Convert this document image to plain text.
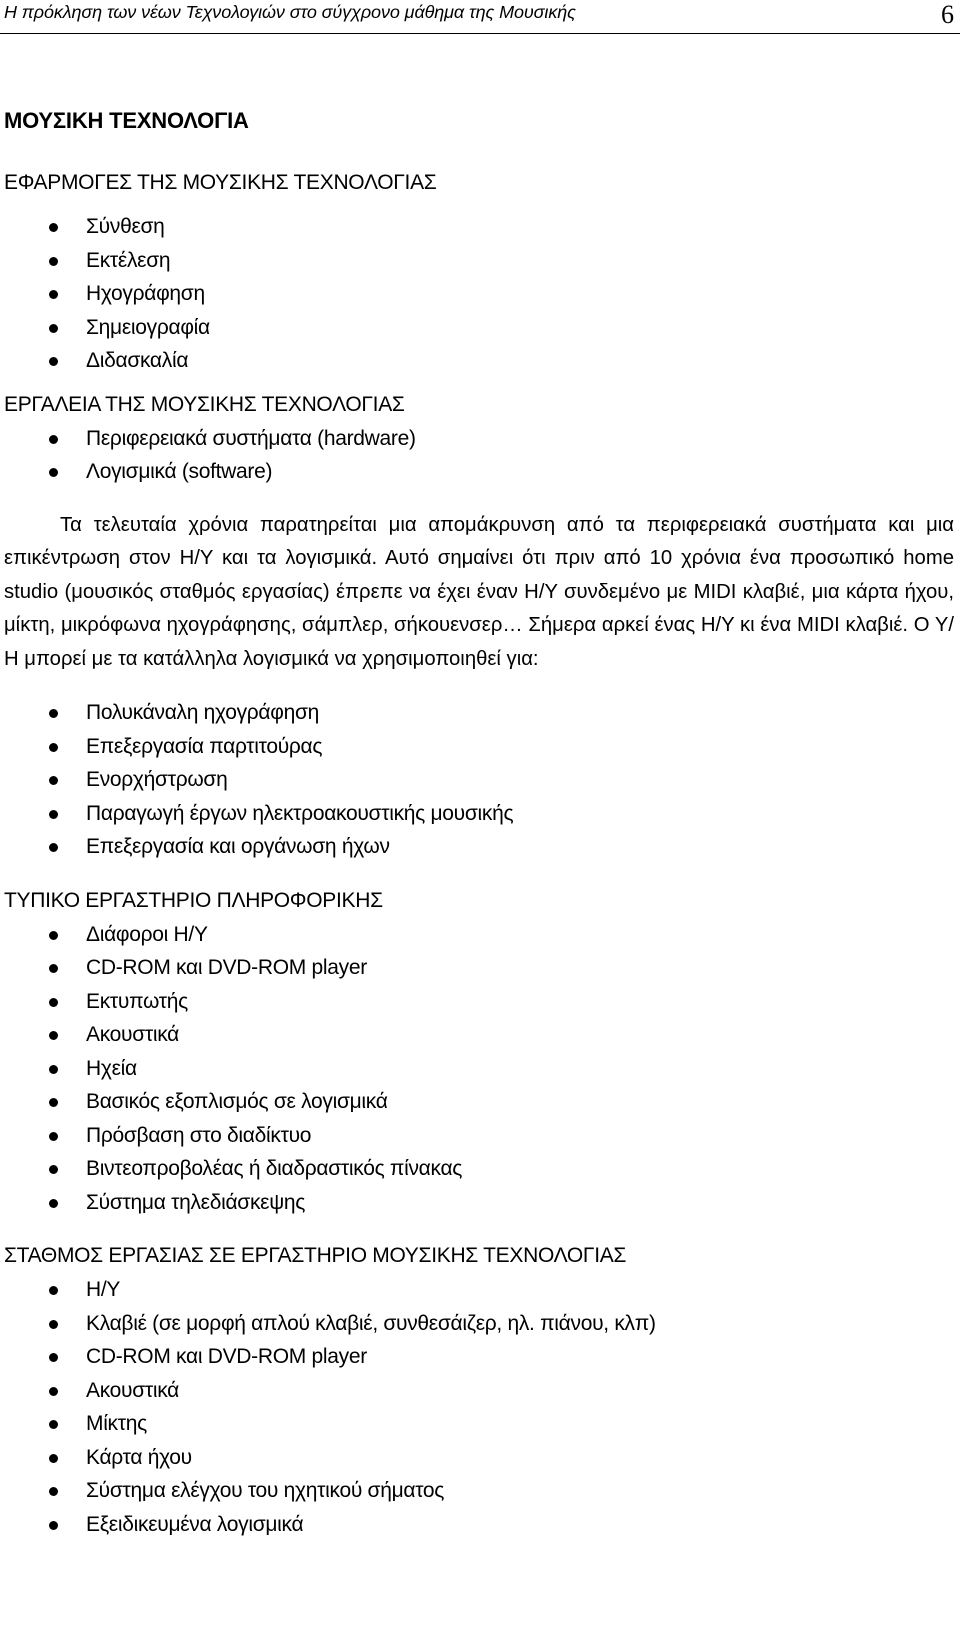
Η πρόκληση των νέων Τεχνολογιών στο σύγχρονο μάθημα της Μουσικής	6
ΜΟΥΣΙΚΗ ΤΕΧΝΟΛΟΓΙΑ
ΕΦΑΡΜΟΓΕΣ ΤΗΣ ΜΟΥΣΙΚΗΣ ΤΕΧΝΟΛΟΓΙΑΣ
Σύνθεση
Εκτέλεση
Ηχογράφηση
Σημειογραφία
Διδασκαλία
ΕΡΓΑΛΕΙΑ ΤΗΣ ΜΟΥΣΙΚΗΣ ΤΕΧΝΟΛΟΓΙΑΣ
Περιφερειακά συστήματα (hardware)
Λογισμικά (software)

Τα τελευταία χρόνια παρατηρείται μια απομάκρυνση από τα περιφερειακά συστήματα και μια επικέντρωση στον Η/Υ και τα λογισμικά. Αυτό σημαίνει ότι πριν από 10 χρόνια ένα προσωπικό home studio (μουσικός σταθμός εργασίας) έπρεπε να έχει έναν Η/Υ συνδεμένο με MIDI κλαβιέ, μια κάρτα ήχου, μίκτη, μικρόφωνα ηχογράφησης, σάμπλερ, σήκουενσερ… Σήμερα αρκεί ένας Η/Υ κι ένα MIDI κλαβιέ. Ο Υ/Η μπορεί με τα κατάλληλα λογισμικά να χρησιμοποιηθεί για:

Πολυκάναλη ηχογράφηση
Επεξεργασία παρτιτούρας
Ενορχήστρωση
Παραγωγή έργων ηλεκτροακουστικής μουσικής
Επεξεργασία και οργάνωση ήχων
ΤΥΠΙΚΟ ΕΡΓΑΣΤΗΡΙΟ ΠΛΗΡΟΦΟΡΙΚΗΣ
Διάφοροι Η/Υ
CD-ROM και DVD-ROM player
Εκτυπωτής
Ακουστικά
Ηχεία
Βασικός εξοπλισμός σε λογισμικά
Πρόσβαση στο διαδίκτυο
Βιντεοπροβολέας ή διαδραστικός πίνακας
Σύστημα τηλεδιάσκεψης
ΣΤΑΘΜΟΣ ΕΡΓΑΣΙΑΣ ΣΕ ΕΡΓΑΣΤΗΡΙΟ ΜΟΥΣΙΚΗΣ ΤΕΧΝΟΛΟΓΙΑΣ
Η/Υ
Κλαβιέ (σε μορφή απλού κλαβιέ, συνθεσάιζερ, ηλ. πιάνου, κλπ)
CD-ROM και DVD-ROM player
Ακουστικά
Μίκτης
Κάρτα ήχου
Σύστημα ελέγχου του ηχητικού σήματος
Εξειδικευμένα λογισμικά
